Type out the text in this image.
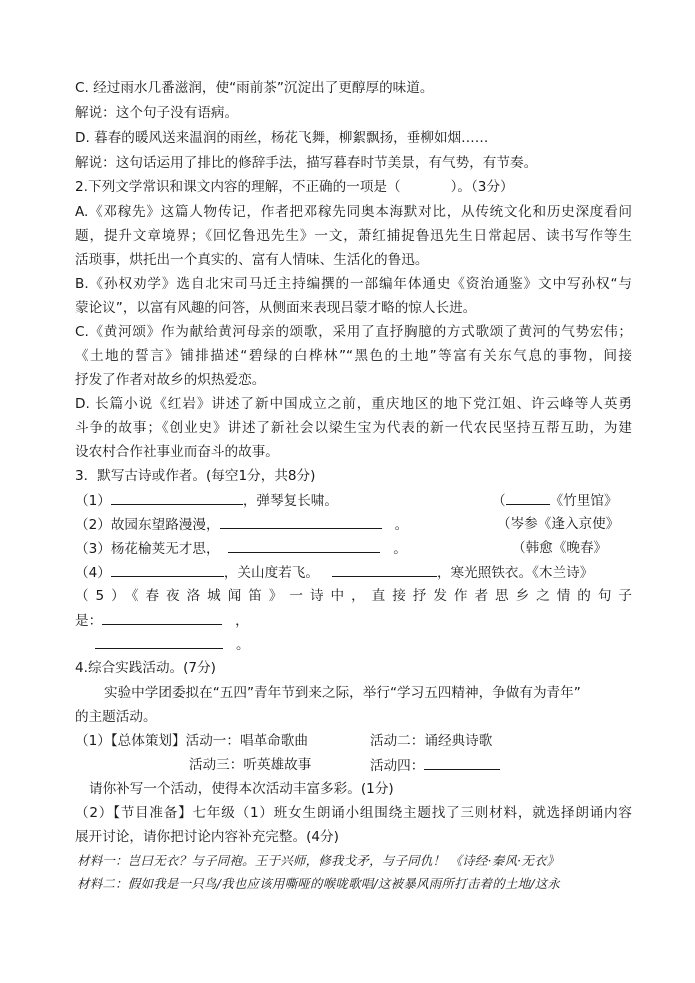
C. 经过雨水几番滋润，使“雨前茶”沉淀出了更醇厚的味道。
解说：这个句子没有语病。
D. 暮春的暖风送来温润的雨丝，杨花飞舞，柳絮飘扬，垂柳如烟……
解说：这句话运用了排比的修辞手法，描写暮春时节美景，有气势，有节奏。
2.下列文学常识和课文内容的理解，不正确的一项是（	）。（3分）
A.《邓稼先》这篇人物传记，作者把邓稼先同奥本海默对比，从传统文化和历史深度看问
题，提升文章境界；《回忆鲁迅先生》一文，萧红捕捉鲁迅先生日常起居、读书写作等生
活琐事，烘托出一个真实的、富有人情味、生活化的鲁迅。
B.《孙权劝学》选自北宋司马迁主持编撰的一部编年体通史《资治通鉴》文中写孙权“与
蒙论议”，以富有风趣的问答，从侧面来表现吕蒙才略的惊人长进。
C.《黄河颂》作为献给黄河母亲的颂歌，采用了直抒胸臆的方式歌颂了黄河的气势宏伟；
《土地的誓言》铺排描述“碧绿的白桦林”“黑色的土地”等富有关东气息的事物，间接
抒发了作者对故乡的炽热爱恋。
D. 长篇小说《红岩》讲述了新中国成立之前，重庆地区的地下党江姐、许云峰等人英勇
斗争的故事；《创业史》讲述了新社会以梁生宝为代表的新一代农民坚持互帮互助，为建
设农村合作社事业而奋斗的故事。
3．默写古诗或作者。(每空1分，共8分)
（1）	，弹琴复长啸。	（	《竹里馆》
（2）故园东望路漫漫，	。	（岑参《逢入京使》
（3）杨花榆荚无才思，	。	（韩愈《晚春》
（4）	，关山度若飞。	，寒光照铁衣。《木兰诗》
（5）《春夜洛城闻笛》一诗中，直接抒发作者思乡之情的句子
是：	，
。
4.综合实践活动。(7分)
实验中学团委拟在“五四”青年节到来之际，举行“学习五四精神，争做有为青年”
的主题活动。
（1）【总体策划】活动一：唱革命歌曲	活动二：诵经典诗歌
活动三：听英雄故事	活动四：
请你补写一个活动，使得本次活动丰富多彩。(1分)
（2）【节目准备】七年级（1）班女生朗诵小组围绕主题找了三则材料，就选择朗诵内容
展开讨论，请你把讨论内容补充完整。(4分)
材料一：岂曰无衣？与子同袍。王于兴师，修我戈矛，与子同仇！ 《诗经·秦风·无衣》
材料二：假如我是一只鸟/我也应该用嘶哑的喉咙歌唱/这被暴风雨所打击着的土地/这永
